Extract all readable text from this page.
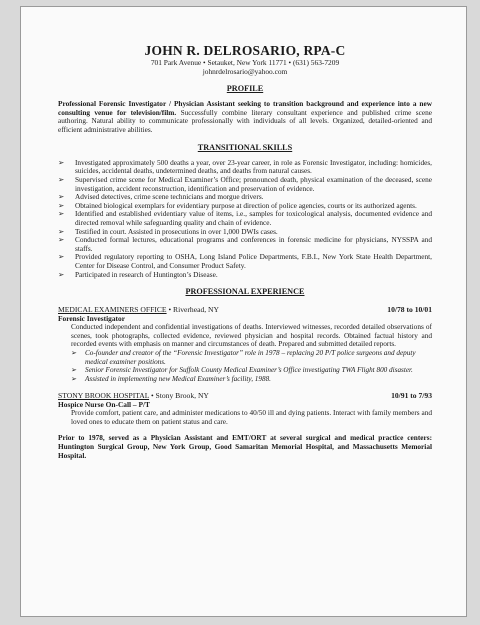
JOHN R. DELROSARIO, RPA-C
701 Park Avenue • Setauket, New York 11771 • (631) 563-7209
johnrdelrosario@yahoo.com
PROFILE
Professional Forensic Investigator / Physician Assistant seeking to transition background and experience into a new consulting venue for television/film. Successfully combine literary consultant experience and published crime scene authoring. Natural ability to communicate professionally with individuals of all levels. Organized, detailed-oriented and efficient administrative abilities.
TRANSITIONAL SKILLS
➢ Investigated approximately 500 deaths a year, over 23-year career, in role as Forensic Investigator, including: homicides, suicides, accidental deaths, undetermined deaths, and deaths from natural causes.
➢ Supervised crime scene for Medical Examiner’s Office; pronounced death, physical examination of the deceased, scene investigation, accident reconstruction, identification and preservation of evidence.
➢ Advised detectives, crime scene technicians and morgue drivers.
➢ Obtained biological exemplars for evidentiary purpose at direction of police agencies, courts or its authorized agents.
➢ Identified and established evidentiary value of items, i.e., samples for toxicological analysis, documented evidence and directed removal while safeguarding quality and chain of evidence.
➢ Testified in court. Assisted in prosecutions in over 1,000 DWIs cases.
➢ Conducted formal lectures, educational programs and conferences in forensic medicine for physicians, NYSSPA and staffs.
➢ Provided regulatory reporting to OSHA, Long Island Police Departments, F.B.I., New York State Health Department, Center for Disease Control, and Consumer Product Safety.
➢ Participated in research of Huntington’s Disease.
PROFESSIONAL EXPERIENCE
MEDICAL EXAMINERS OFFICE • Riverhead, NY	10/78 to 10/01
Forensic Investigator
Conducted independent and confidential investigations of deaths. Interviewed witnesses, recorded detailed observations of scenes, took photographs, collected evidence, reviewed physician and hospital records. Obtained factual history and recorded events with emphasis on manner and circumstances of death. Prepared and submitted detailed reports.
➢ Co-founder and creator of the “Forensic Investigator” role in 1978 – replacing 20 P/T police surgeons and deputy medical examiner positions.
➢ Senior Forensic Investigator for Suffolk County Medical Examiner’s Office investigating TWA Flight 800 disaster.
➢ Assisted in implementing new Medical Examiner’s facility, 1988.
STONY BROOK HOSPITAL • Stony Brook, NY	10/91 to 7/93
Hospice Nurse On-Call – P/T
Provide comfort, patient care, and administer medications to 40/50 ill and dying patients. Interact with family members and loved ones to educate them on patient status and care.
Prior to 1978, served as a Physician Assistant and EMT/ORT at several surgical and medical practice centers: Huntington Surgical Group, New York Group, Good Samaritan Memorial Hospital, and Massachusetts Memorial Hospital.
